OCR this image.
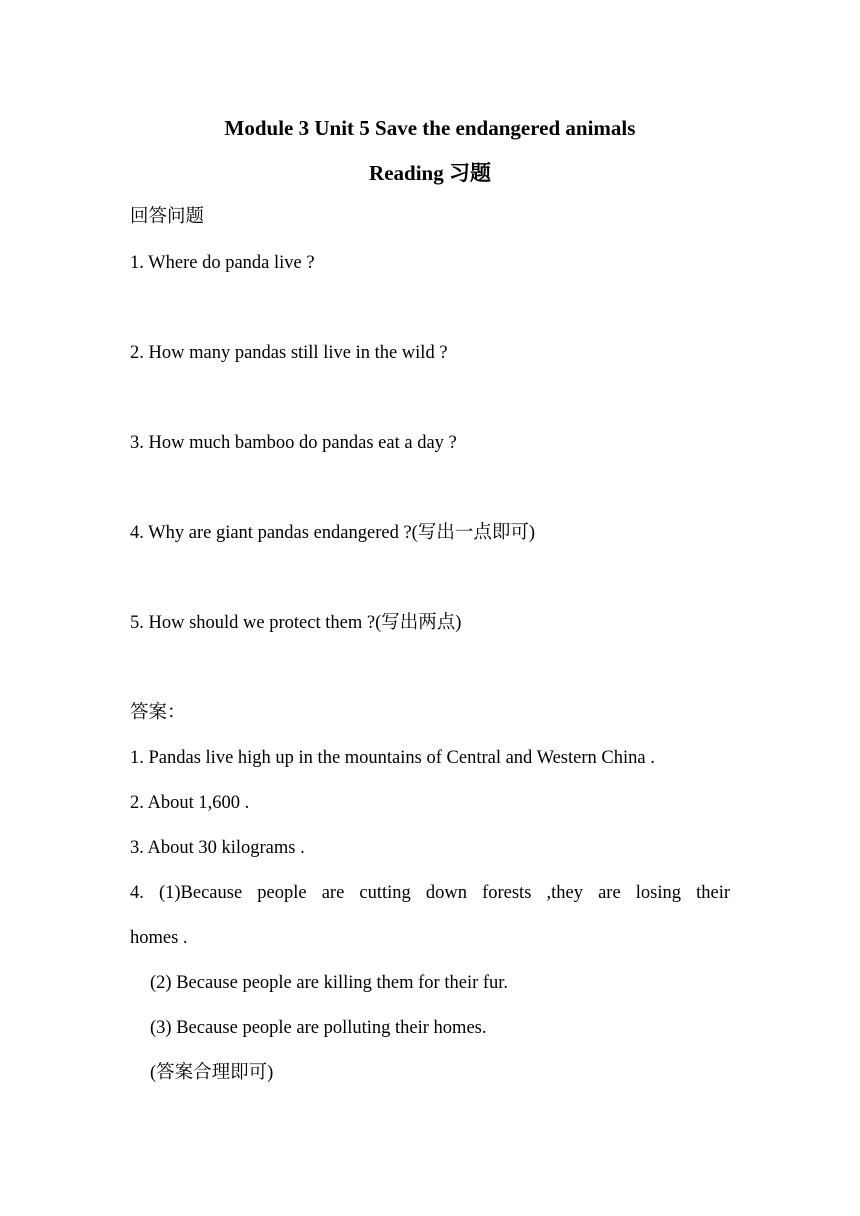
Module 3 Unit 5 Save the endangered animals
Reading 习题
回答问题
1. Where do panda live ?
2. How many pandas still live in the wild ?
3. How much bamboo do pandas eat a day ?
4. Why are giant pandas endangered ?(写出一点即可)
5. How should we protect them ?(写出两点)
答案：
1. Pandas live high up in the mountains of Central and Western China .
2. About 1,600 .
3. About 30 kilograms .
4. (1)Because people are cutting down forests ,they are losing their
homes .
(2) Because people are killing them for their fur.
(3) Because people are polluting their homes.
(答案合理即可)
